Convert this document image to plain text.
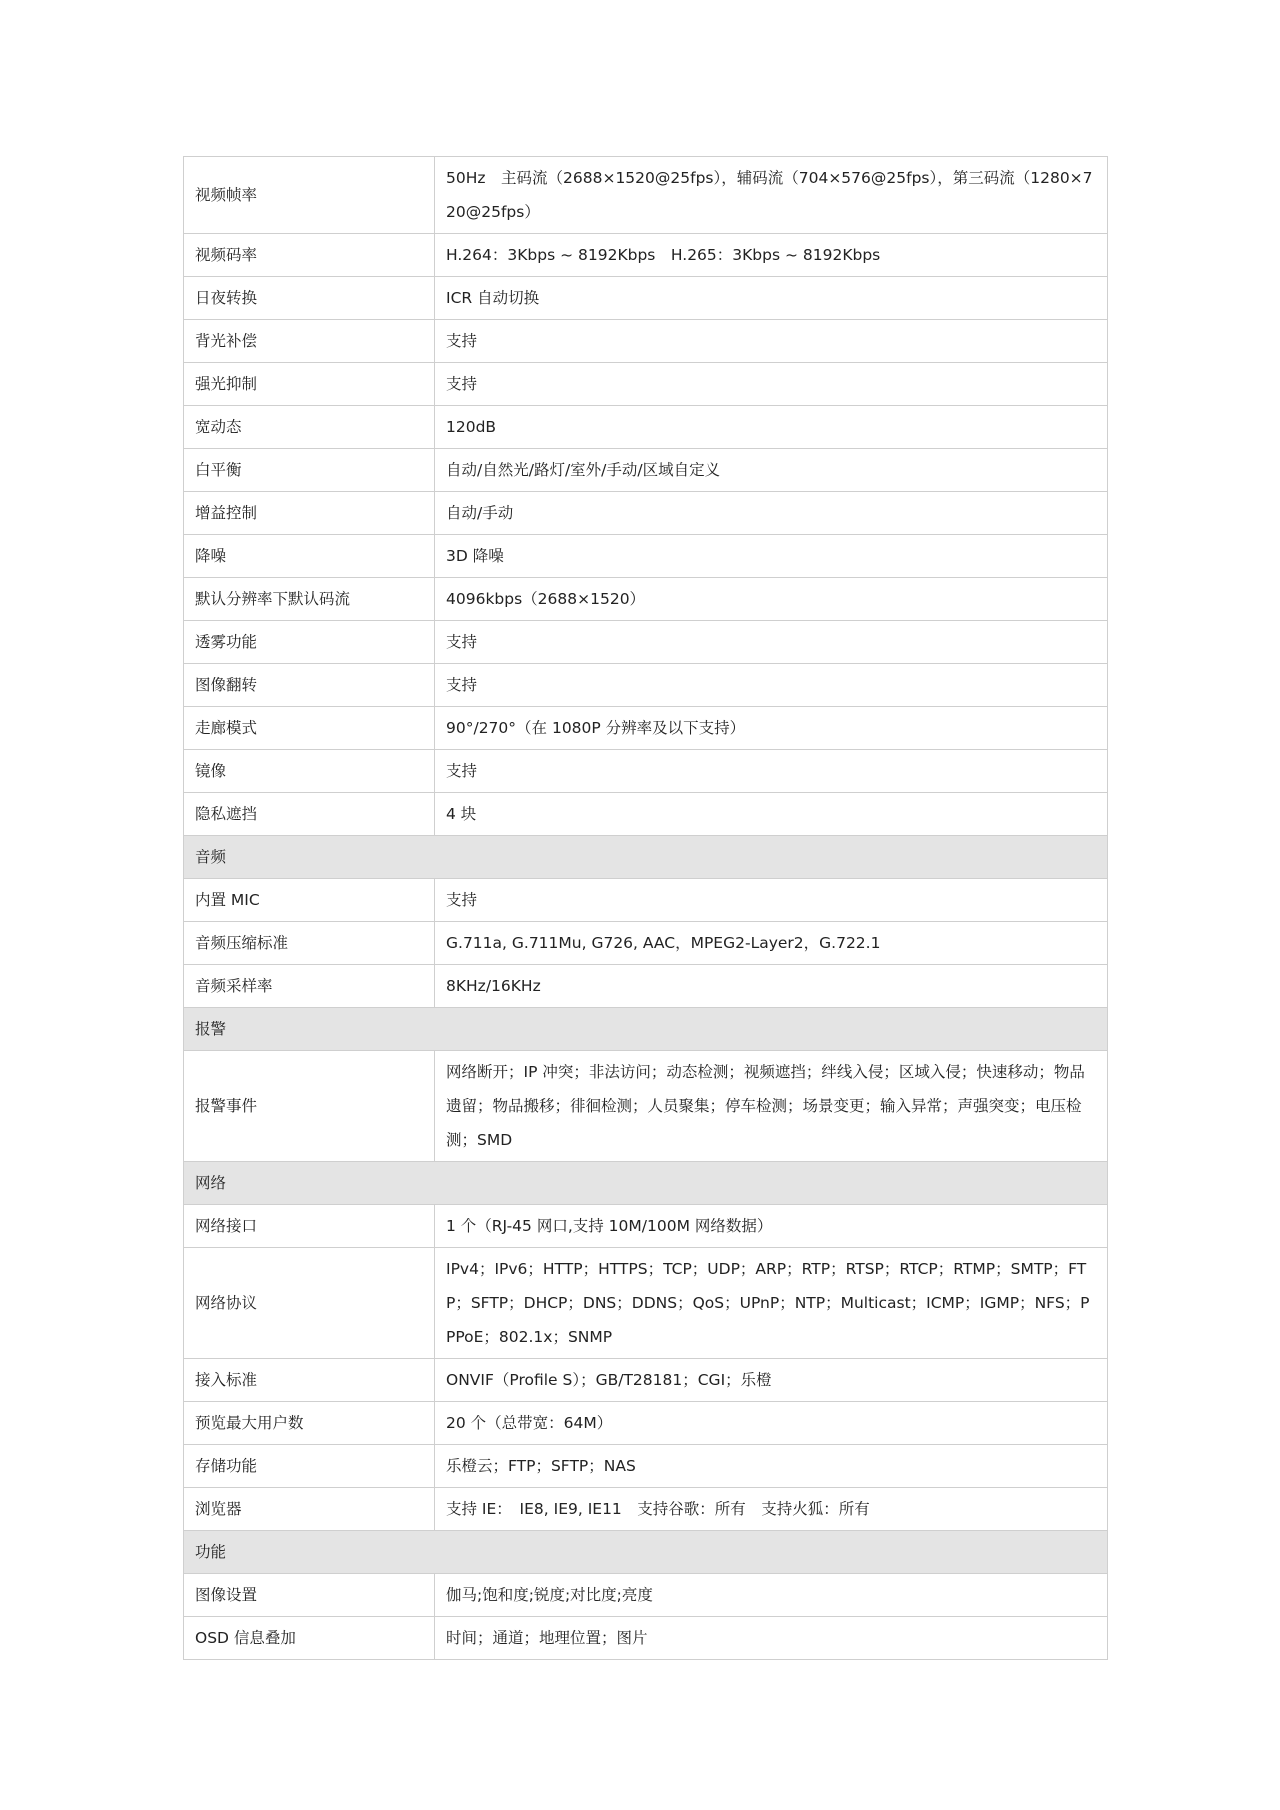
视频帧率	50Hz　主码流（2688×1520@25fps），辅码流（704×576@25fps），第三码流（1280×720@25fps）
视频码率	H.264：3Kbps ~ 8192Kbps　H.265：3Kbps ~ 8192Kbps
日夜转换	ICR 自动切换
背光补偿	支持
强光抑制	支持
宽动态	120dB
白平衡	自动/自然光/路灯/室外/手动/区域自定义
增益控制	自动/手动
降噪	3D 降噪
默认分辨率下默认码流	4096kbps（2688×1520）
透雾功能	支持
图像翻转	支持
走廊模式	90°/270°（在 1080P 分辨率及以下支持）
镜像	支持
隐私遮挡	4 块
音频	
内置 MIC	支持
音频压缩标准	G.711a, G.711Mu, G726, AAC，MPEG2-Layer2，G.722.1
音频采样率	8KHz/16KHz
报警	
报警事件	网络断开；IP 冲突；非法访问；动态检测；视频遮挡；绊线入侵；区域入侵；快速移动；物品遗留；物品搬移；徘徊检测；人员聚集；停车检测；场景变更；输入异常；声强突变；电压检测；SMD
网络	
网络接口	1 个（RJ-45 网口,支持 10M/100M 网络数据）
网络协议	IPv4；IPv6；HTTP；HTTPS；TCP；UDP；ARP；RTP；RTSP；RTCP；RTMP；SMTP；FTP；SFTP；DHCP；DNS；DDNS；QoS；UPnP；NTP；Multicast；ICMP；IGMP；NFS；PPPoE；802.1x；SNMP
接入标准	ONVIF（Profile S）；GB/T28181；CGI；乐橙
预览最大用户数	20 个（总带宽：64M）
存储功能	乐橙云；FTP；SFTP；NAS
浏览器	支持 IE：　IE8, IE9, IE11　支持谷歌：所有　支持火狐：所有
功能	
图像设置	伽马;饱和度;锐度;对比度;亮度
OSD 信息叠加	时间；通道；地理位置；图片
